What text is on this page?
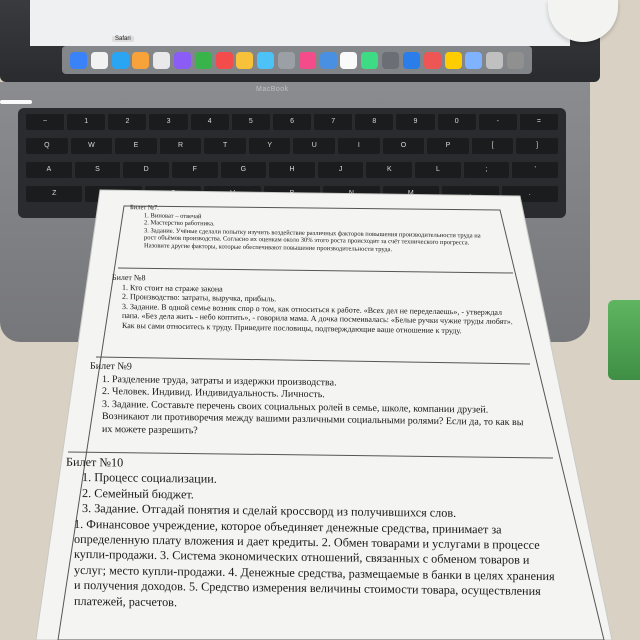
Safari
MacBook
~	1	2	3	4	5	6	7	8	9	0	-	=
Q	W	E	R	T	Y	U	I	O	P	[	]
A	S	D	F	G	H	J	K	L	;	'
Z	M	,	.
Билет №7.
1. Виноват – отвечай
2. Мастерство работника.
3. Задание. Учёные сделали попытку изучить воздействие различных факторов повышения производительности труда на рост объёмов производства. Согласно их оценкам около 30% этого роста происходит за счёт технического прогресса. Назовите другие факторы, которые обеспечивают повышение производительности труда.
Билет №8
1. Кто стоит на страже закона
2. Производство: затраты, выручка, прибыль.
3. Задание. В одной семье возник спор о том, как относиться к работе. «Всех дел не переделаешь», - утверждал папа. «Без дела жить - небо коптить», - говорила мама. А дочка посмеивалась: «Белые ручки чужие труды любят». Как вы сами относитесь к труду. Приведите пословицы, подтверждающие ваше отношение к труду.
Билет №9
1. Разделение труда, затраты и издержки производства.
2. Человек. Индивид. Индивидуальность. Личность.
3. Задание. Составьте перечень своих социальных ролей в семье, школе, компании друзей. Возникают ли противоречия между вашими различными социальными ролями? Если да, то как вы их можете разрешить?
Билет №10
1. Процесс социализации.
2. Семейный бюджет.
3. Задание. Отгадай понятия и сделай кроссворд из получившихся слов.
1. Финансовое учреждение, которое объединяет денежные средства, принимает за определенную плату вложения и дает кредиты. 2. Обмен товарами и услугами в процессе купли-продажи. 3. Система экономических отношений, связанных с обменом товаров и услуг; место купли-продажи. 4. Денежные средства, размещаемые в банки в целях хранения и получения доходов. 5. Средство измерения величины стоимости товара, осуществления платежей, расчетов.
